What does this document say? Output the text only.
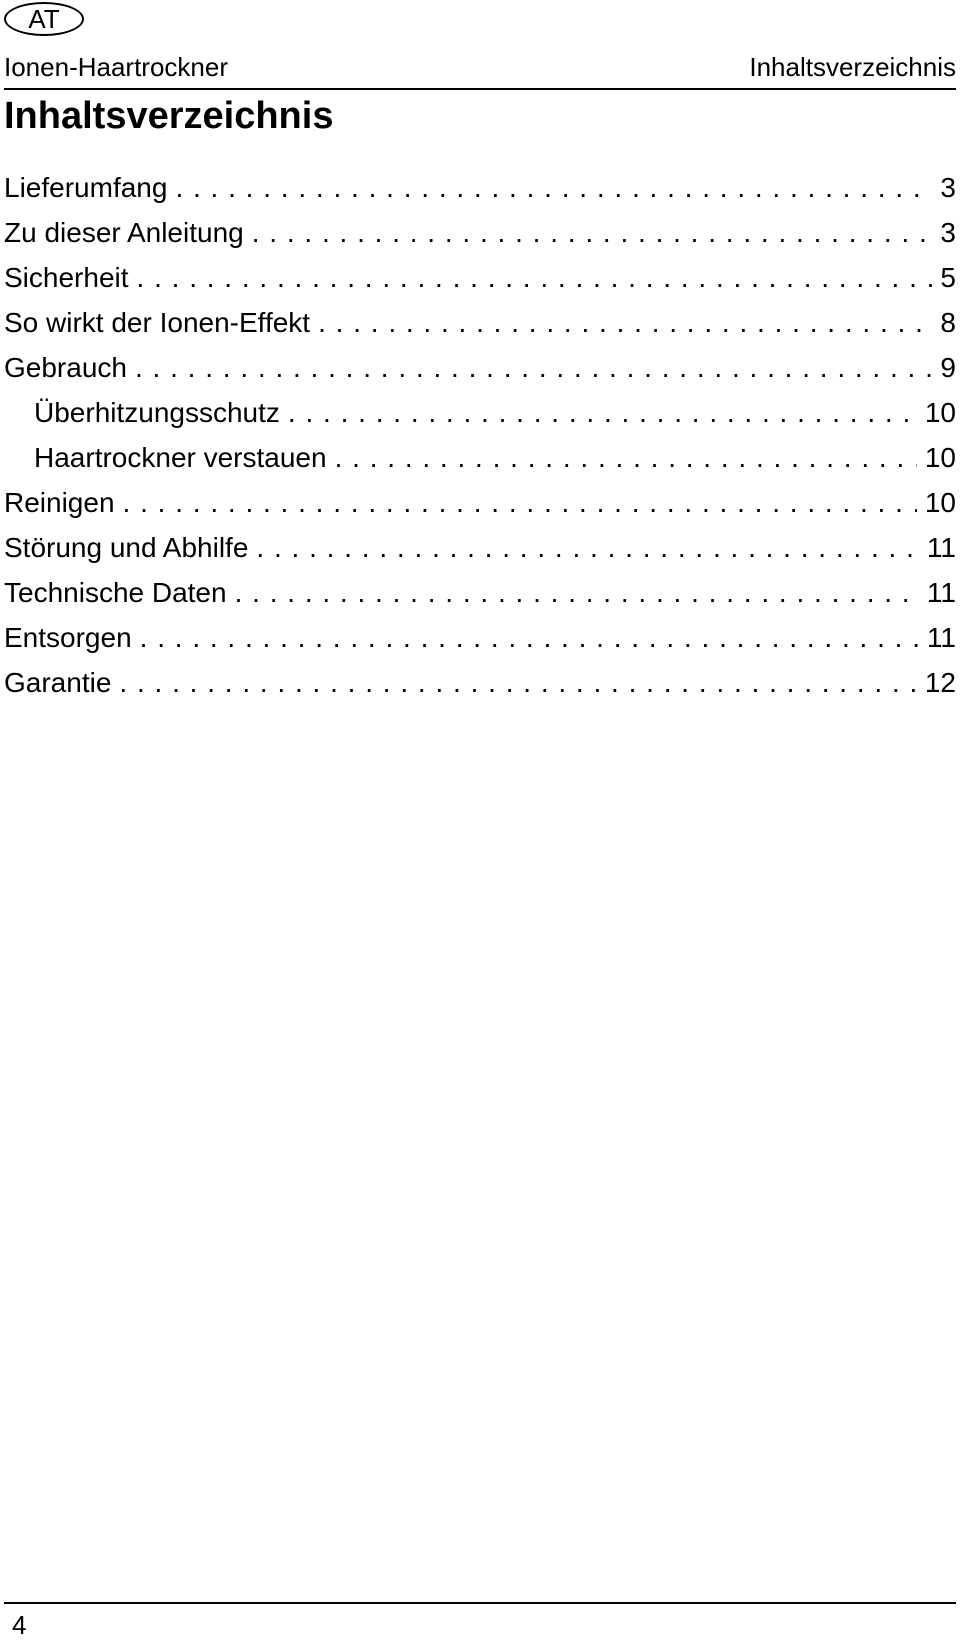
AT
Ionen-Haartrockner	Inhaltsverzeichnis
Inhaltsverzeichnis
Lieferumfang . . .	3
Zu dieser Anleitung . . .	3
Sicherheit . . .	5
So wirkt der Ionen-Effekt . . .	8
Gebrauch . . .	9
Überhitzungsschutz . . .	10
Haartrockner verstauen . . .	10
Reinigen . . .	10
Störung und Abhilfe . . .	11
Technische Daten . . .	11
Entsorgen . . .	11
Garantie . . .	12
4
